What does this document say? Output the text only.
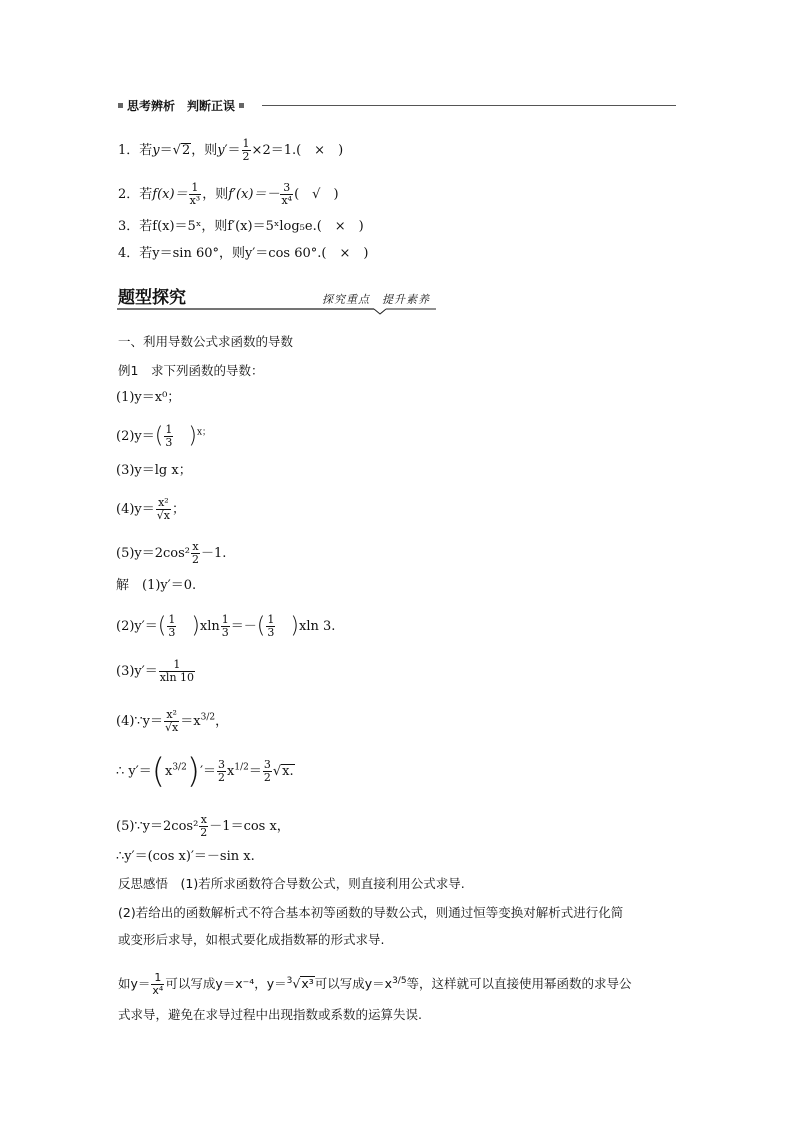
思考辨析　判断正误
1．若y＝√2，则$y'= \frac{1}{2} \times 2=1$.(　×　)
2．若$f(x)= \frac{1}{\text{x³}}$ ，则$f'(x)=- \frac{3}{\text{x⁴}}$ (　√　)
3．若f(x)＝5ˣ，则f′(x)＝5ˣlog₅e.(　×　)
4．若y＝sin 60°，则y′＝cos 60°.(　×　)
题型探究	探究重点　提升素养
一、利用导数公式求函数的导数
例1　求下列函数的导数：
(1)y＝x⁰；
$(2)y=( \frac{1}{3} )^{x;}$
(3)y＝lg x；
$(4)y= \frac{\text{x²}}{√x}$ ；
$(5)y=2\cos^2 \frac{x}{2} -1$.
解　(1)y′＝0.
$(2)y'=( \frac{1}{3} )xln \frac{1}{3}$ ＝－( $\frac{1}{3} )xln$ 3.
$(3)y'= \frac{1}{xln 10}$
(4)∵y＝ $\frac{\text{x²}}{√x} =x^{3/2}$，
∴ $y'=(x^{3/2})'= \frac{3}{2} x^{1/2}= \frac{3}{2} √x$.
(5)∵y＝2cos² $\frac{x}{2} -1=\cos$ x，
∴y′＝(cos x)′＝－sin x.
反思感悟　(1)若所求函数符合导数公式，则直接利用公式求导.
(2)若给出的函数解析式不符合基本初等函数的导数公式，则通过恒等变换对解析式进行化简
或变形后求导，如根式要化成指数幂的形式求导.
如$y= \frac{1}{\text{x⁴}}$ 可以写成y＝x⁻⁴，y＝$^3$√x³可以写成$y=x^{3/5}$等，这样就可以直接使用幂函数的求导公
式求导，避免在求导过程中出现指数或系数的运算失误.
